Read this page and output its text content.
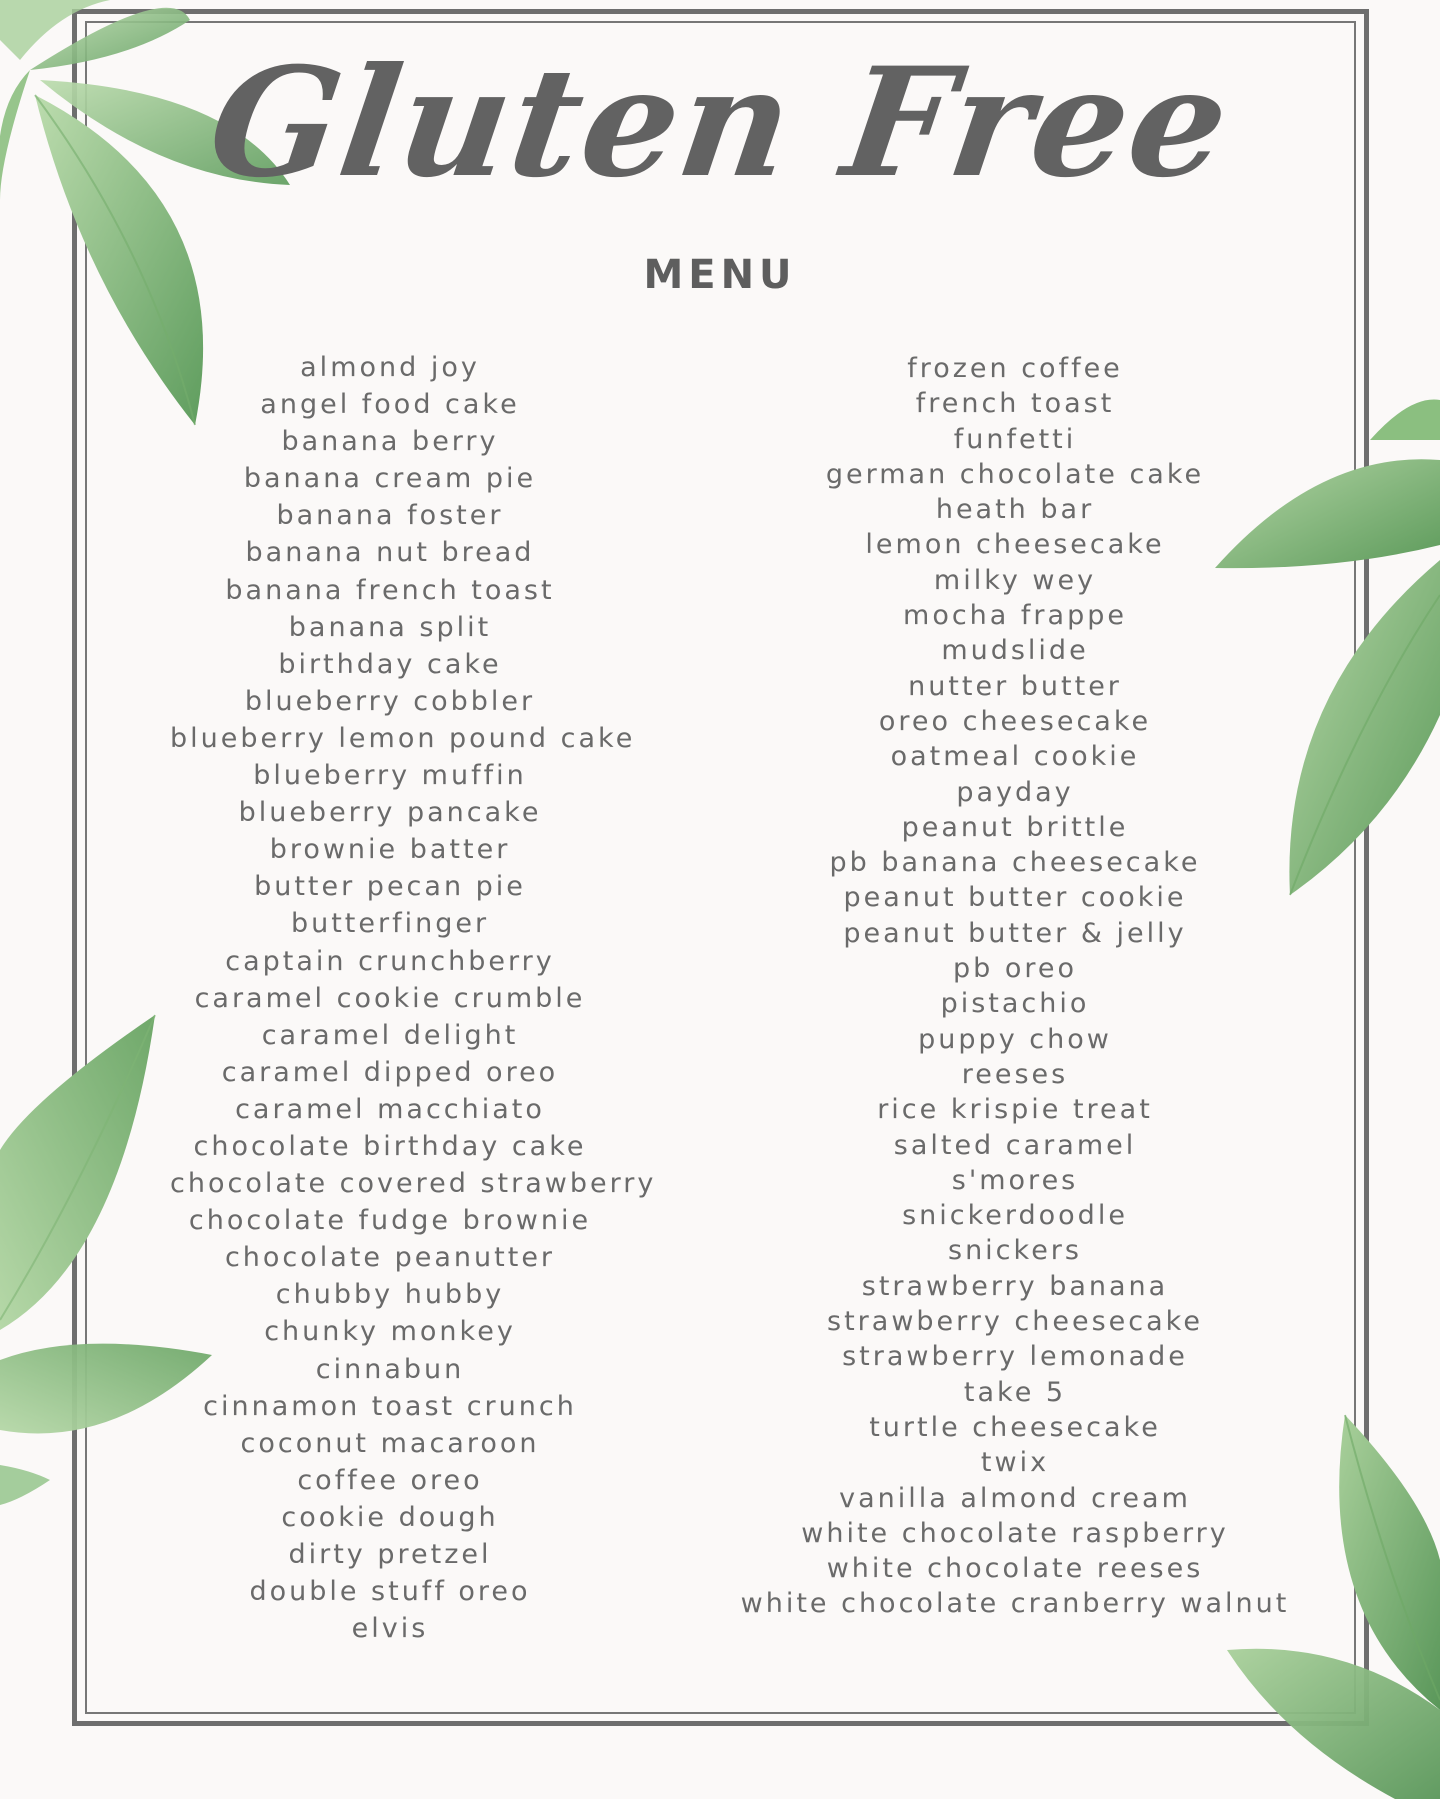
Gluten Free
MENU
almond joy
angel food cake
banana berry
banana cream pie
banana foster
banana nut bread
banana french toast
banana split
birthday cake
blueberry cobbler
blueberry lemon pound cake
blueberry muffin
blueberry pancake
brownie batter
butter pecan pie
butterfinger
captain crunchberry
caramel cookie crumble
caramel delight
caramel dipped oreo
caramel macchiato
chocolate birthday cake
chocolate covered strawberry
chocolate fudge brownie
chocolate peanutter
chubby hubby
chunky monkey
cinnabun
cinnamon toast crunch
coconut macaroon
coffee oreo
cookie dough
dirty pretzel
double stuff oreo
elvis
frozen coffee
french toast
funfetti
german chocolate cake
heath bar
lemon cheesecake
milky wey
mocha frappe
mudslide
nutter butter
oreo cheesecake
oatmeal cookie
payday
peanut brittle
pb banana cheesecake
peanut butter cookie
peanut butter & jelly
pb oreo
pistachio
puppy chow
reeses
rice krispie treat
salted caramel
s'mores
snickerdoodle
snickers
strawberry banana
strawberry cheesecake
strawberry lemonade
take 5
turtle cheesecake
twix
vanilla almond cream
white chocolate raspberry
white chocolate reeses
white chocolate cranberry walnut
